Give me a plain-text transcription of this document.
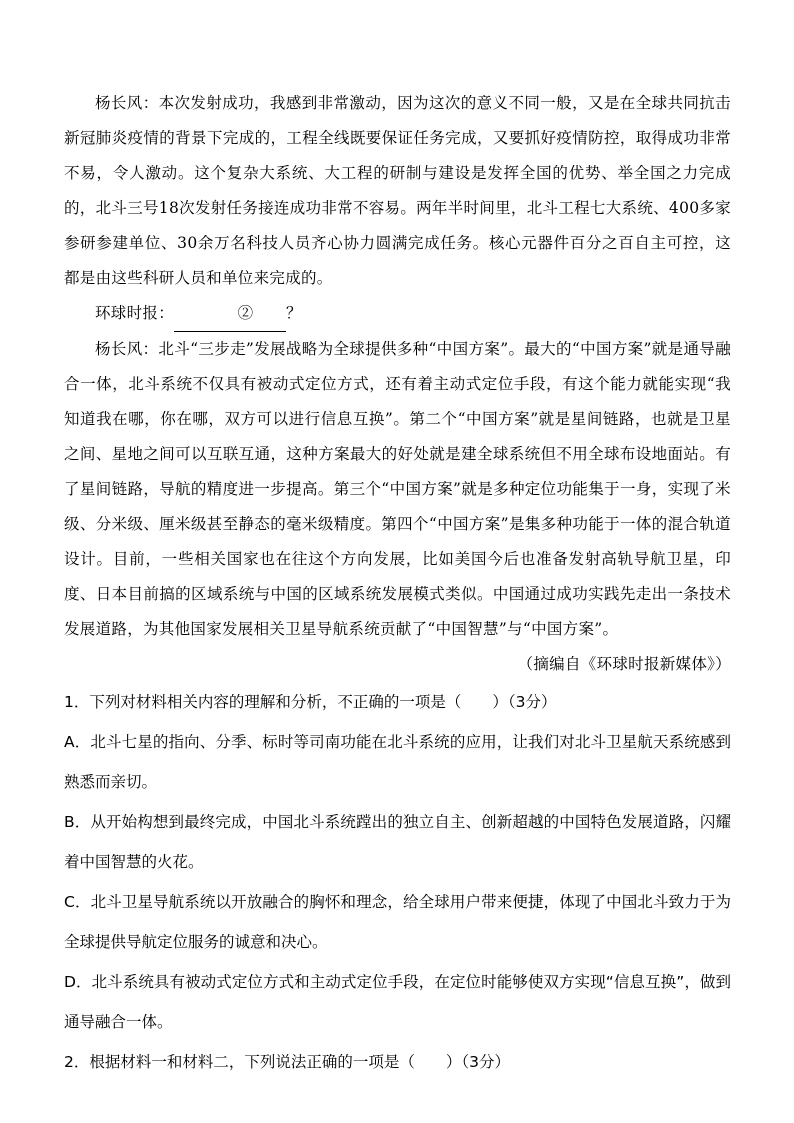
杨长风：本次发射成功，我感到非常激动，因为这次的意义不同一般，又是在全球共同抗击新冠肺炎疫情的背景下完成的，工程全线既要保证任务完成，又要抓好疫情防控，取得成功非常不易，令人激动。这个复杂大系统、大工程的研制与建设是发挥全国的优势、举全国之力完成的，北斗三号18次发射任务接连成功非常不容易。两年半时间里，北斗工程七大系统、400多家参研参建单位、30余万名科技人员齐心协力圆满完成任务。核心元器件百分之百自主可控，这都是由这些科研人员和单位来完成的。

环球时报：	② ？

杨长风：北斗“三步走”发展战略为全球提供多种“中国方案”。最大的“中国方案”就是通导融合一体，北斗系统不仅具有被动式定位方式，还有着主动式定位手段，有这个能力就能实现“我知道我在哪，你在哪，双方可以进行信息互换”。第二个“中国方案”就是星间链路，也就是卫星之间、星地之间可以互联互通，这种方案最大的好处就是建全球系统但不用全球布设地面站。有了星间链路，导航的精度进一步提高。第三个“中国方案”就是多种定位功能集于一身，实现了米级、分米级、厘米级甚至静态的毫米级精度。第四个“中国方案”是集多种功能于一体的混合轨道设计。目前，一些相关国家也在往这个方向发展，比如美国今后也准备发射高轨导航卫星，印度、日本目前搞的区域系统与中国的区域系统发展模式类似。中国通过成功实践先走出一条技术发展道路，为其他国家发展相关卫星导航系统贡献了“中国智慧”与“中国方案”。

（摘编自《环球时报新媒体》）

1．下列对材料相关内容的理解和分析，不正确的一项是（　　）（3分）

A．北斗七星的指向、分季、标时等司南功能在北斗系统的应用，让我们对北斗卫星航天系统感到熟悉而亲切。

B．从开始构想到最终完成，中国北斗系统蹚出的独立自主、创新超越的中国特色发展道路，闪耀着中国智慧的火花。

C．北斗卫星导航系统以开放融合的胸怀和理念，给全球用户带来便捷，体现了中国北斗致力于为全球提供导航定位服务的诚意和决心。

D．北斗系统具有被动式定位方式和主动式定位手段，在定位时能够使双方实现“信息互换”，做到通导融合一体。

2．根据材料一和材料二，下列说法正确的一项是（　　）（3分）
